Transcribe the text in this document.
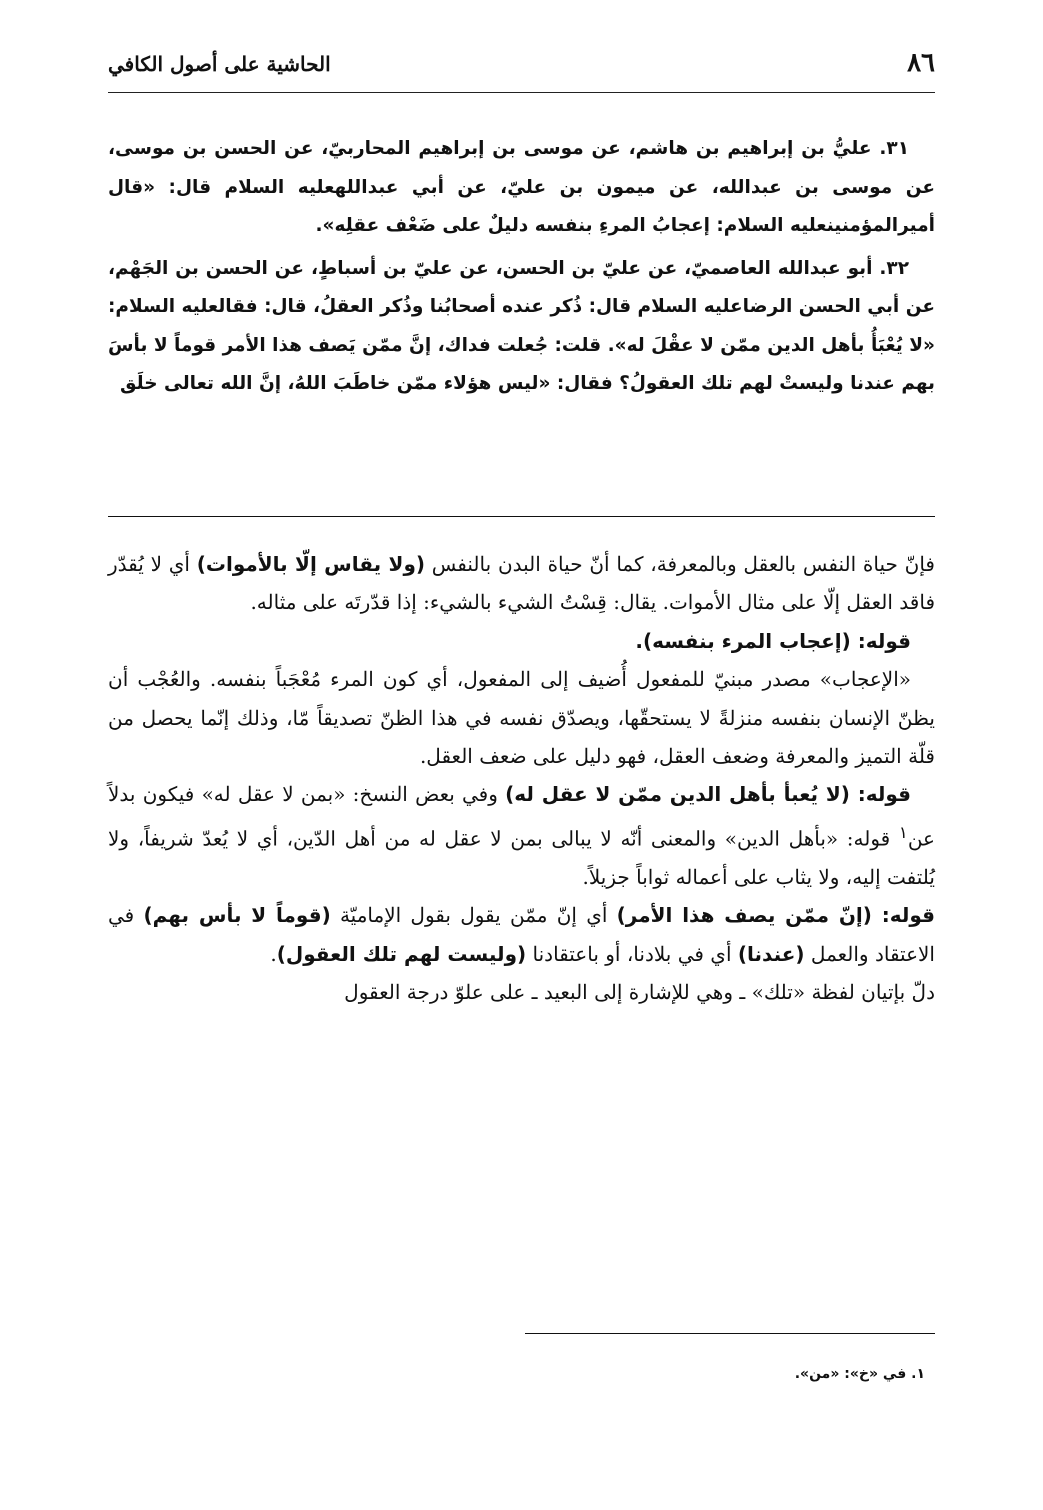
٨٦
الحاشية على أصول الكافي

٣١. عليُّ بن إبراهيم بن هاشم، عن موسى بن إبراهيم المحاربيّ، عن الحسن بن موسى، عن موسى بن عبدالله، عن ميمون بن عليّ، عن أبي عبداللهعليه السلام قال: «قال أميرالمؤمنينعليه السلام: إعجابُ المرءِ بنفسه دليلٌ على ضَعْف عقلِه».

٣٢. أبو عبدالله العاصميّ، عن عليّ بن الحسن، عن عليّ بن أسباطٍ، عن الحسن بن الجَهْم، عن أبي الحسن الرضاعليه السلام قال: ذُكر عنده أصحابُنا وذُكر العقلُ، قال: فقالعليه السلام: «لا يُعْبَأُ بأهل الدين ممّن لا عقْلَ له». قلت: جُعلت فداك، إنَّ ممّن يَصف هذا الأمر قوماً لا بأسَ بهم عندنا وليستْ لهم تلك العقولُ؟ فقال: «ليس هؤلاء ممّن خاطَبَ اللهُ، إنَّ الله تعالى خلَق

فإنّ حياة النفس بالعقل وبالمعرفة، كما أنّ حياة البدن بالنفس (ولا يقاس إلّا بالأموات) أي لا يُقدّر فاقد العقل إلّا على مثال الأموات. يقال: قِسْتُ الشيء بالشيء: إذا قدّرتَه على مثاله.

قوله: (إعجاب المرء بنفسه).

«الإعجاب» مصدر مبنيّ للمفعول أُضيف إلى المفعول، أي كون المرء مُعْجَباً بنفسه. والعُجْب أن يظنّ الإنسان بنفسه منزلةً لا يستحقّها، ويصدّق نفسه في هذا الظنّ تصديقاً مّا، وذلك إنّما يحصل من قلّة التميز والمعرفة وضعف العقل، فهو دليل على ضعف العقل.

قوله: (لا يُعبأ بأهل الدين ممّن لا عقل له) وفي بعض النسخ: «بمن لا عقل له» فيكون بدلاً عن$^١$ قوله: «بأهل الدين» والمعنى أنّه لا يبالى بمن لا عقل له من أهل الدّين، أي لا يُعدّ شريفاً، ولا يُلتفت إليه، ولا يثاب على أعماله ثواباً جزيلاً.

قوله: (إنّ ممّن يصف هذا الأمر) أي إنّ ممّن يقول بقول الإماميّة (قوماً لا بأس بهم) في الاعتقاد والعمل (عندنا) أي في بلادنا، أو باعتقادنا (وليست لهم تلك العقول).

دلّ بإتيان لفظة «تلك» ـ وهي للإشارة إلى البعيد ـ على علوّ درجة العقول

١. في «خ»: «من».
